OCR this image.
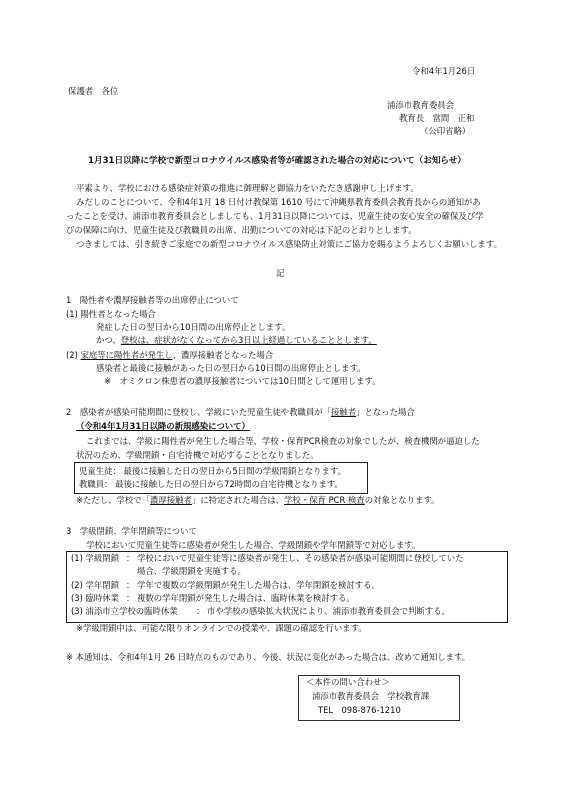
令和4年1月26日
保護者　各位
浦添市教育委員会
教育長　當間　正和
（公印省略）
1月31日以降に学校で新型コロナウイルス感染者等が確認された場合の対応について（お知らせ）
平素より、学校における感染症対策の推進に御理解と御協力をいただき感謝申し上げます。
みだしのことについて、令和4年1月 18 日付け教保第 1610 号にて沖縄県教育委員会教育長からの通知があ
ったことを受け、浦添市教育委員会としましても、1月31日以降については、児童生徒の安心安全の確保及び学
びの保障に向け、児童生徒及び教職員の出席、出勤についての対応は下記のとおりとします。
つきましては、引き続きご家庭での新型コロナウイルス感染防止対策にご協力を賜るようよろしくお願いします。
記
1　陽性者や濃厚接触者等の出席停止について
(1) 陽性者となった場合
発症した日の翌日から10日間の出席停止とします。
かつ、登校は、症状がなくなってから3日以上経過していることとします。
(2) 家庭等に陽性者が発生し、濃厚接触者となった場合
感染者と最後に接触があった日の翌日から10日間の出席停止とします。
※　オミクロン株患者の濃厚接触者については10日間として運用します。
2　感染者が感染可能期間に登校し、学級にいた児童生徒や教職員が「接触者」となった場合
（令和4年1月31日以降の新規感染について）
これまでは、学級に陽性者が発生した場合等、学校・保育PCR検査の対象でしたが、検査機関が逼迫した
状況のため、学級閉鎖・自宅待機で対応することとなりました。
児童生徒： 最後に接触した日の翌日から5日間の学級閉鎖となります。
教職員： 最後に接触した日の翌日から72時間の自宅待機となります。
※ただし、学校で「濃厚接触者」に特定された場合は、学校・保育 PCR 検査の対象となります。
3　学級閉鎖、学年閉鎖等について
学校において児童生徒等に感染者が発生した場合、学級閉鎖や学年閉鎖等で対応します。
(1) 学級閉鎖 ： 学校において児童生徒等に感染者が発生し、その感染者が感染可能期間に登校していた
場合、学級閉鎖を実施する。
(2) 学年閉鎖 ： 学年で複数の学級閉鎖が発生した場合は、学年閉鎖を検討する。
(3) 臨時休業 ： 複数の学年閉鎖が発生した場合は、臨時休業を検討する。
(3) 浦添市立学校の臨時休業 ： 市や学校の感染拡大状況により、浦添市教育委員会で判断する。
※学級閉鎖中は、可能な限りオンラインでの授業や、課題の確認を行います。
※ 本通知は、令和4年1月 26 日時点のものであり、今後、状況に変化があった場合は、改めて通知します。
＜本件の問い合わせ＞
浦添市教育委員会　学校教育課
TEL　098-876-1210
